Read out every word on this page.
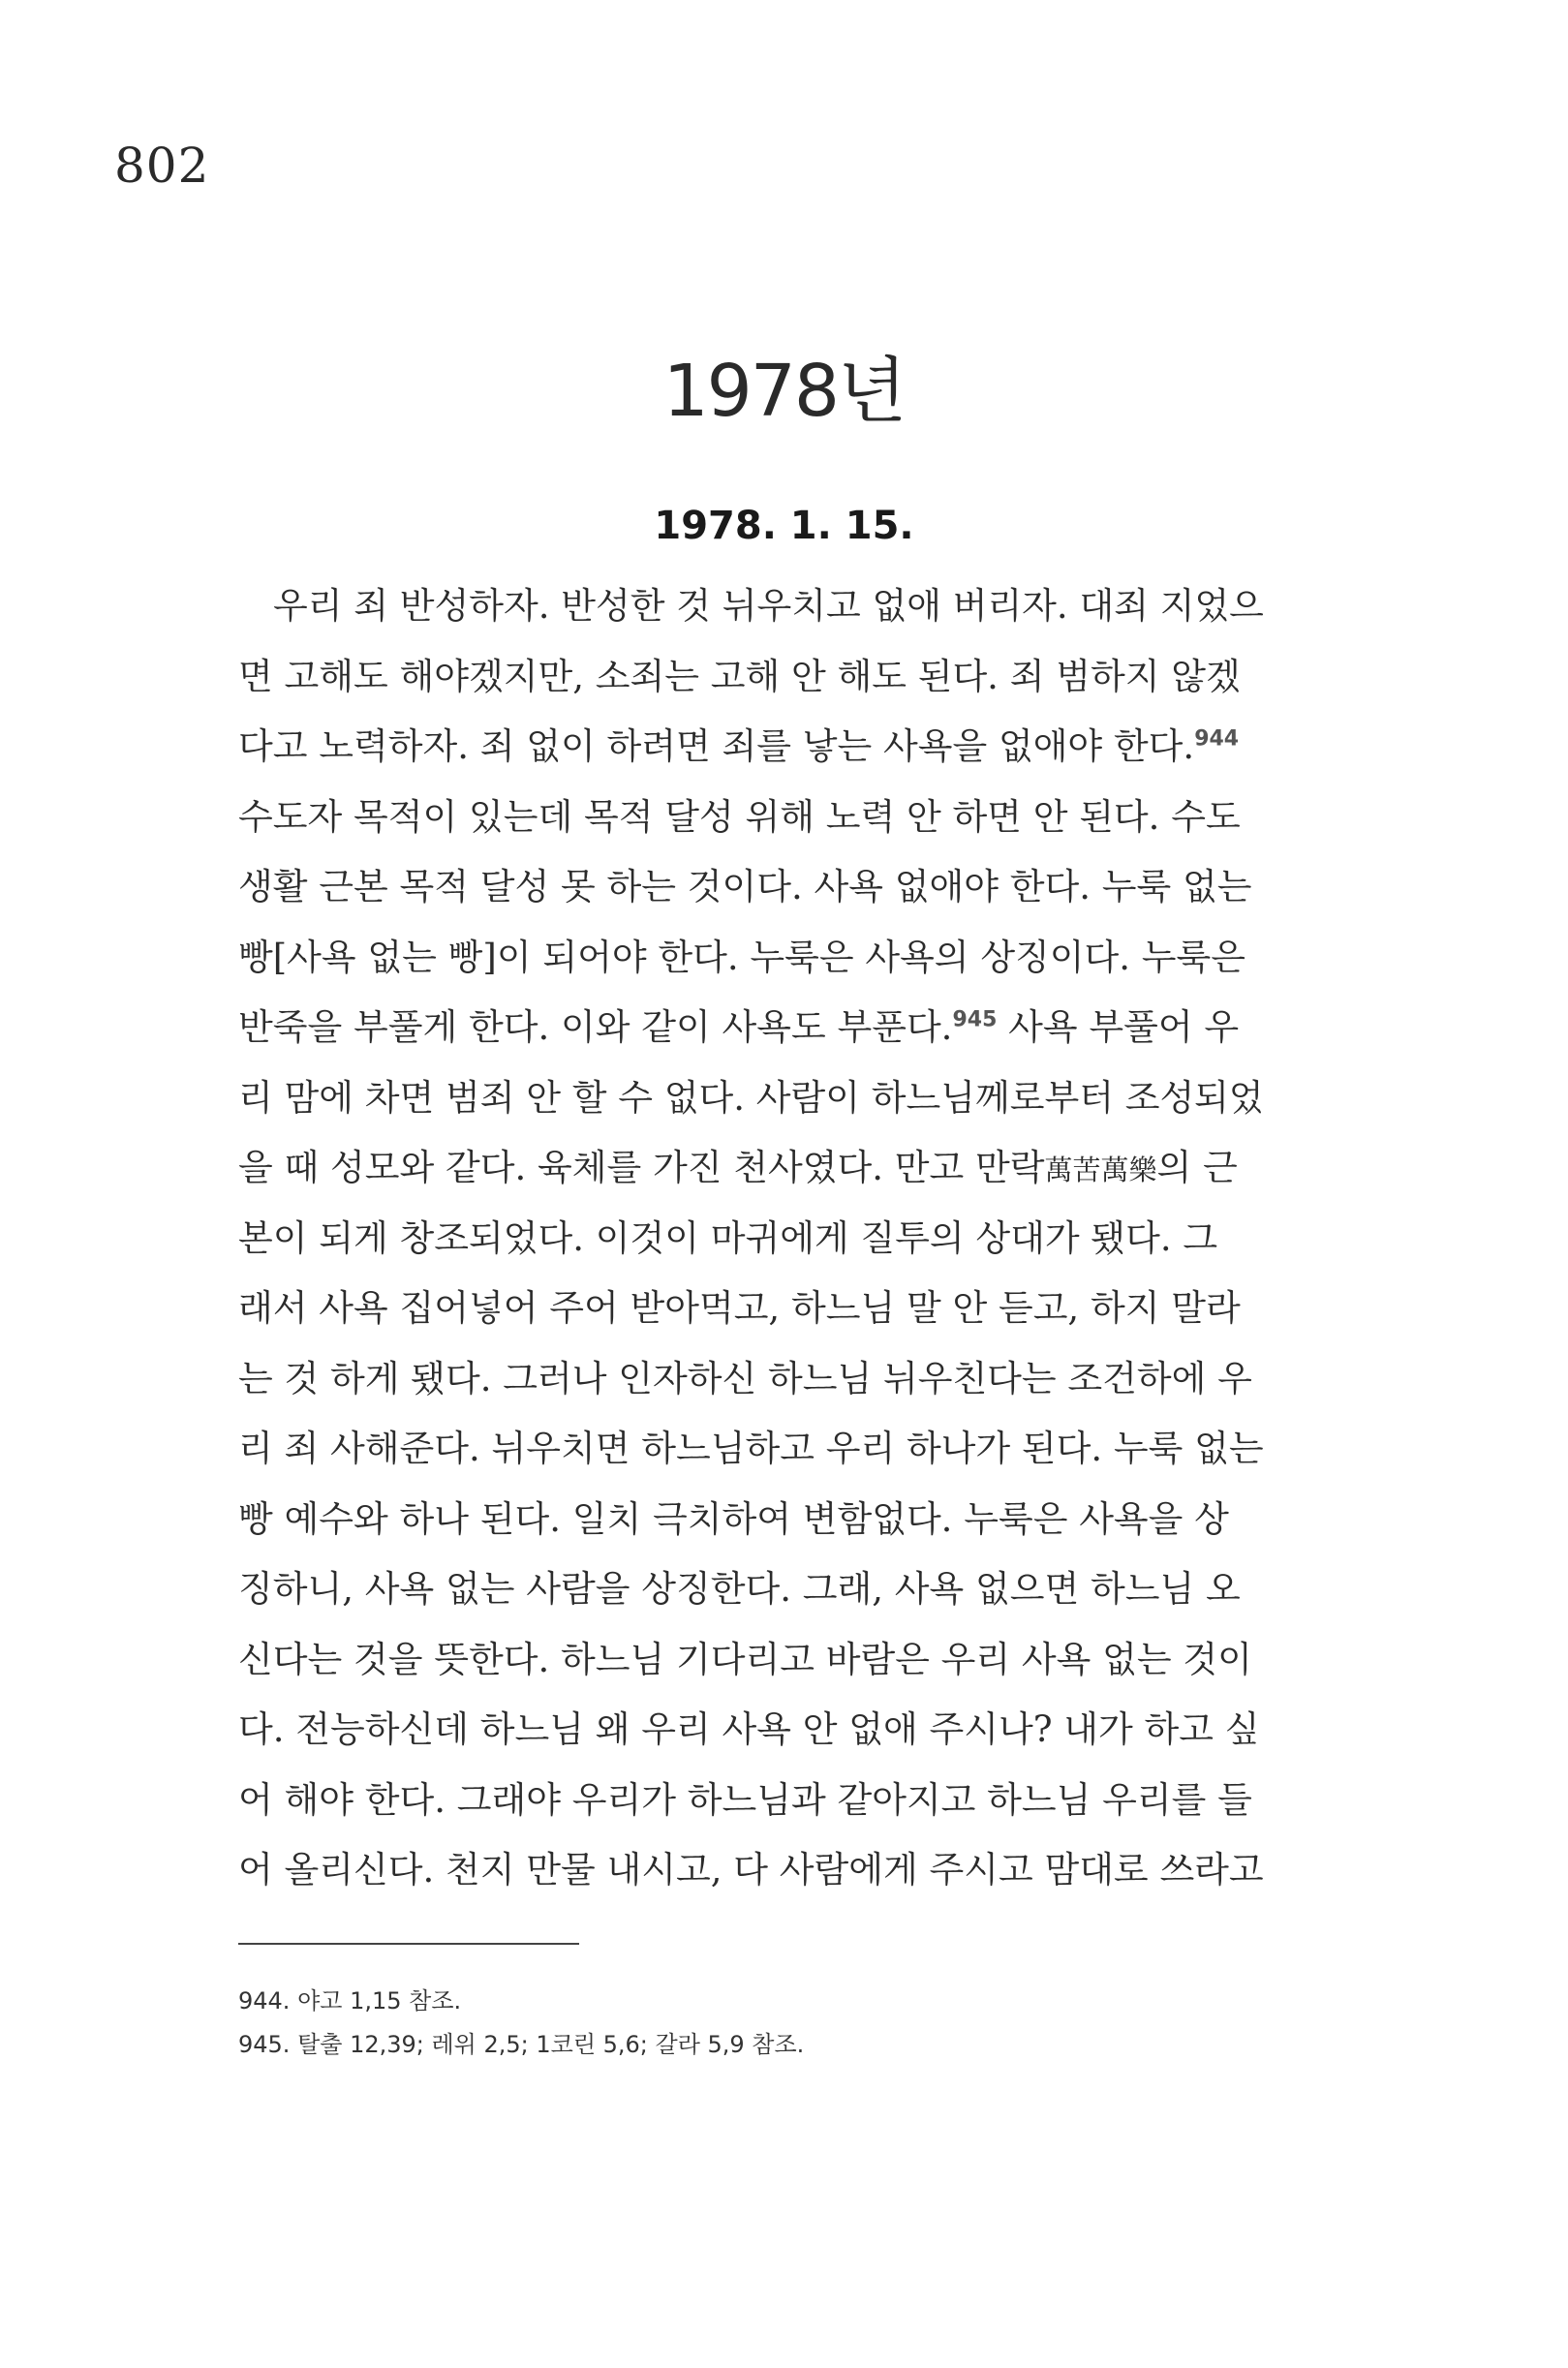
802
1978년
1978. 1. 15.
우리 죄 반성하자. 반성한 것 뉘우치고 없애 버리자. 대죄 지었으
면 고해도 해야겠지만, 소죄는 고해 안 해도 된다. 죄 범하지 않겠
다고 노력하자. 죄 없이 하려면 죄를 낳는 사욕을 없애야 한다.$^{944}$
수도자 목적이 있는데 목적 달성 위해 노력 안 하면 안 된다. 수도
생활 근본 목적 달성 못 하는 것이다. 사욕 없애야 한다. 누룩 없는
빵[사욕 없는 빵]이 되어야 한다. 누룩은 사욕의 상징이다. 누룩은
반죽을 부풀게 한다. 이와 같이 사욕도 부푼다.$^{945}$ 사욕 부풀어 우
리 맘에 차면 범죄 안 할 수 없다. 사람이 하느님께로부터 조성되었
을 때 성모와 같다. 육체를 가진 천사였다. 만고 만락萬苦萬樂의 근
본이 되게 창조되었다. 이것이 마귀에게 질투의 상대가 됐다. 그
래서 사욕 집어넣어 주어 받아먹고, 하느님 말 안 듣고, 하지 말라
는 것 하게 됐다. 그러나 인자하신 하느님 뉘우친다는 조건하에 우
리 죄 사해준다. 뉘우치면 하느님하고 우리 하나가 된다. 누룩 없는
빵 예수와 하나 된다. 일치 극치하여 변함없다. 누룩은 사욕을 상
징하니, 사욕 없는 사람을 상징한다. 그래, 사욕 없으면 하느님 오
신다는 것을 뜻한다. 하느님 기다리고 바람은 우리 사욕 없는 것이
다. 전능하신데 하느님 왜 우리 사욕 안 없애 주시나? 내가 하고 싶
어 해야 한다. 그래야 우리가 하느님과 같아지고 하느님 우리를 들
어 올리신다. 천지 만물 내시고, 다 사람에게 주시고 맘대로 쓰라고
944. 야고 1,15 참조.
945. 탈출 12,39; 레위 2,5; 1코린 5,6; 갈라 5,9 참조.
